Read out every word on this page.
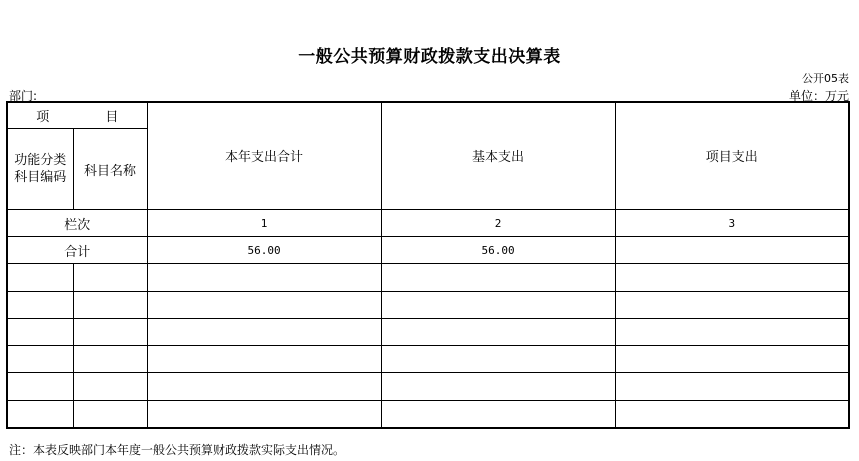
一般公共预算财政拨款支出决算表
公开05表
部门:	单位：万元
项 目		本年支出合计	基本支出	项目支出
功能分类科目编码	科目名称			
栏次		1	2	3
合计		56.00	56.00	

注：本表反映部门本年度一般公共预算财政拨款实际支出情况。
